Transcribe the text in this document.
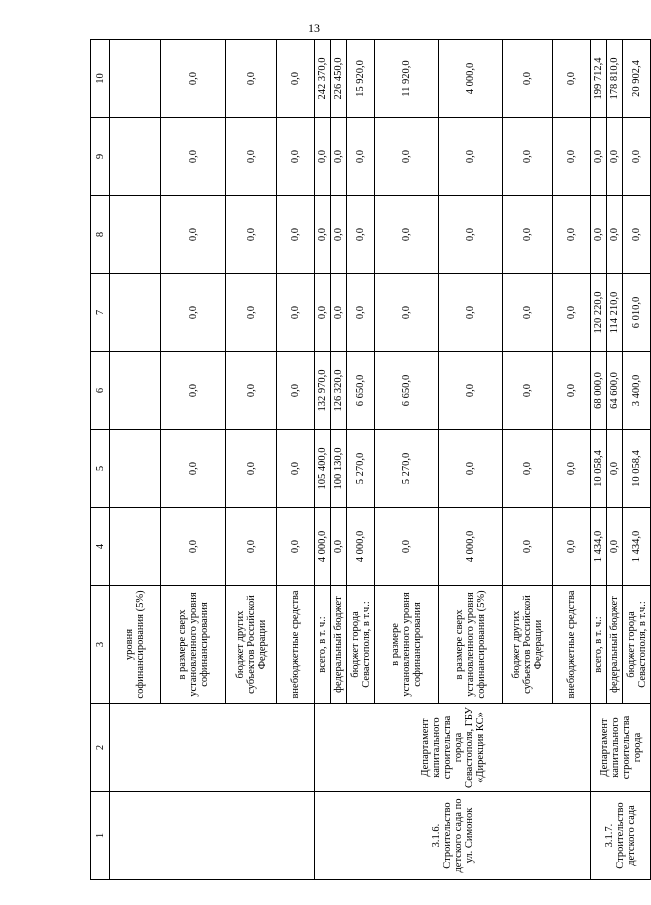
13
1	2	3	4	5	6	7	8	9	10
		уровня софинансирования (5%)							
		в размере сверх установленного уровня софинансирования	0,0	0,0	0,0	0,0	0,0	0,0	0,0
		бюджет других субъектов Российской Федерации	0,0	0,0	0,0	0,0	0,0	0,0	0,0
		внебюджетные средства	0,0	0,0	0,0	0,0	0,0	0,0	0,0
3.1.6. Строительство детского сада по ул. Симонок	Департамент капитального строительства города Севастополя, ГБУ «Дирекция КС»	всего, в т. ч.:	4 000,0	105 400,0	132 970,0	0,0	0,0	0,0	242 370,0
		федеральный бюджет	0,0	100 130,0	126 320,0	0,0	0,0	0,0	226 450,0
		бюджет города Севастополя, в т.ч.:	4 000,0	5 270,0	6 650,0	0,0	0,0	0,0	15 920,0
		в размере установленного уровня софинансирования	0,0	5 270,0	6 650,0	0,0	0,0	0,0	11 920,0
		в размере сверх установленного уровня софинансирования (5%)	4 000,0	0,0	0,0	0,0	0,0	0,0	4 000,0
		бюджет других субъектов Российской Федерации	0,0	0,0	0,0	0,0	0,0	0,0	0,0
		внебюджетные средства	0,0	0,0	0,0	0,0	0,0	0,0	0,0
3.1.7. Строительство детского сада	Департамент капитального строительства города	всего, в т. ч.:	1 434,0	10 058,4	68 000,0	120 220,0	0,0	0,0	199 712,4
		федеральный бюджет	0,0	0,0	64 600,0	114 210,0	0,0	0,0	178 810,0
		бюджет города Севастополя, в т.ч.:	1 434,0	10 058,4	3 400,0	6 010,0	0,0	0,0	20 902,4
